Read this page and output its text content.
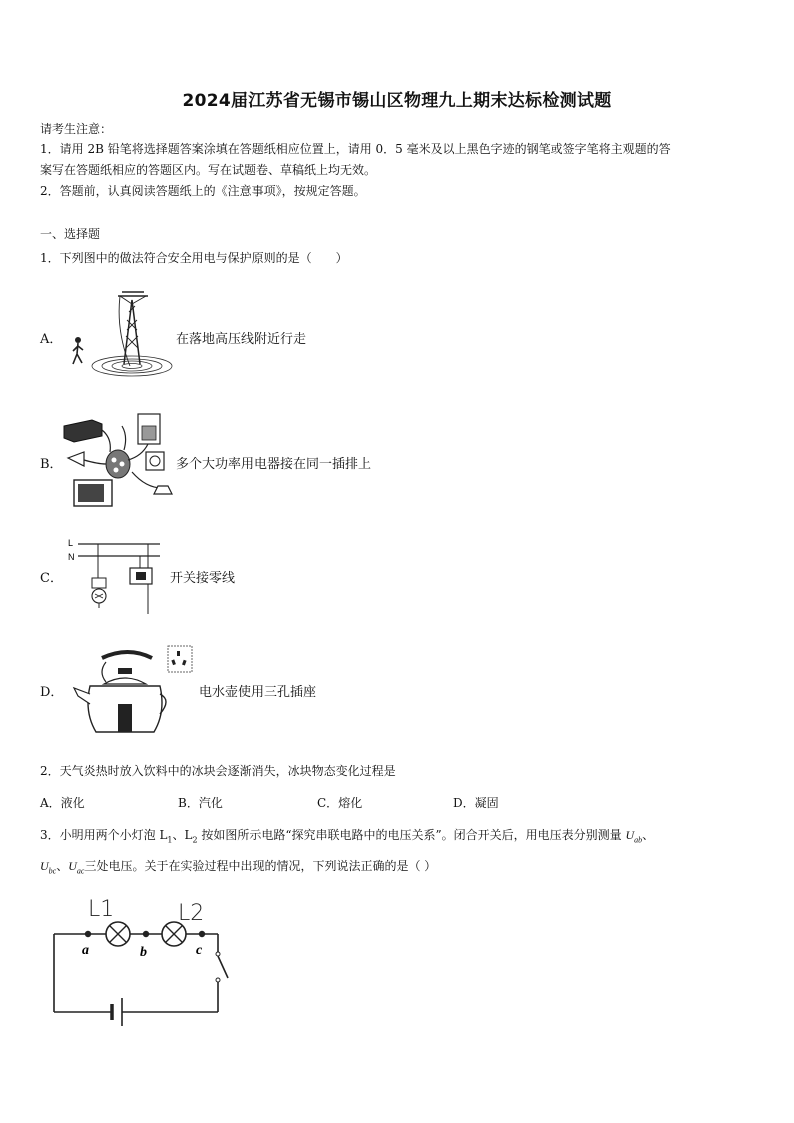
2024届江苏省无锡市锡山区物理九上期末达标检测试题
请考生注意：
1．请用 2B 铅笔将选择题答案涂填在答题纸相应位置上，请用 0．5 毫米及以上黑色字迹的钢笔或签字笔将主观题的答
案写在答题纸相应的答题区内。写在试题卷、草稿纸上均无效。
2．答题前，认真阅读答题纸上的《注意事项》，按规定答题。
一、选择题
1．下列图中的做法符合安全用电与保护原则的是（　　）
A．	在落地高压线附近行走
B．	多个大功率用电器接在同一插排上
C．
L
N
开关接零线
D．	电水壶使用三孔插座
2．天气炎热时放入饮料中的冰块会逐渐消失，冰块物态变化过程是
A．液化	B．汽化	C．熔化	D．凝固
3．小明用两个小灯泡 $L_1$、$L_2$ 按如图所示电路“探究串联电路中的电压关系”。闭合开关后，用电压表分别测量 $U_{ab}$、
$U_{bc}$、$U_{ac}$三处电压。关于在实验过程中出现的情况，下列说法正确的是（ ）
L1	L2
a	b	c
